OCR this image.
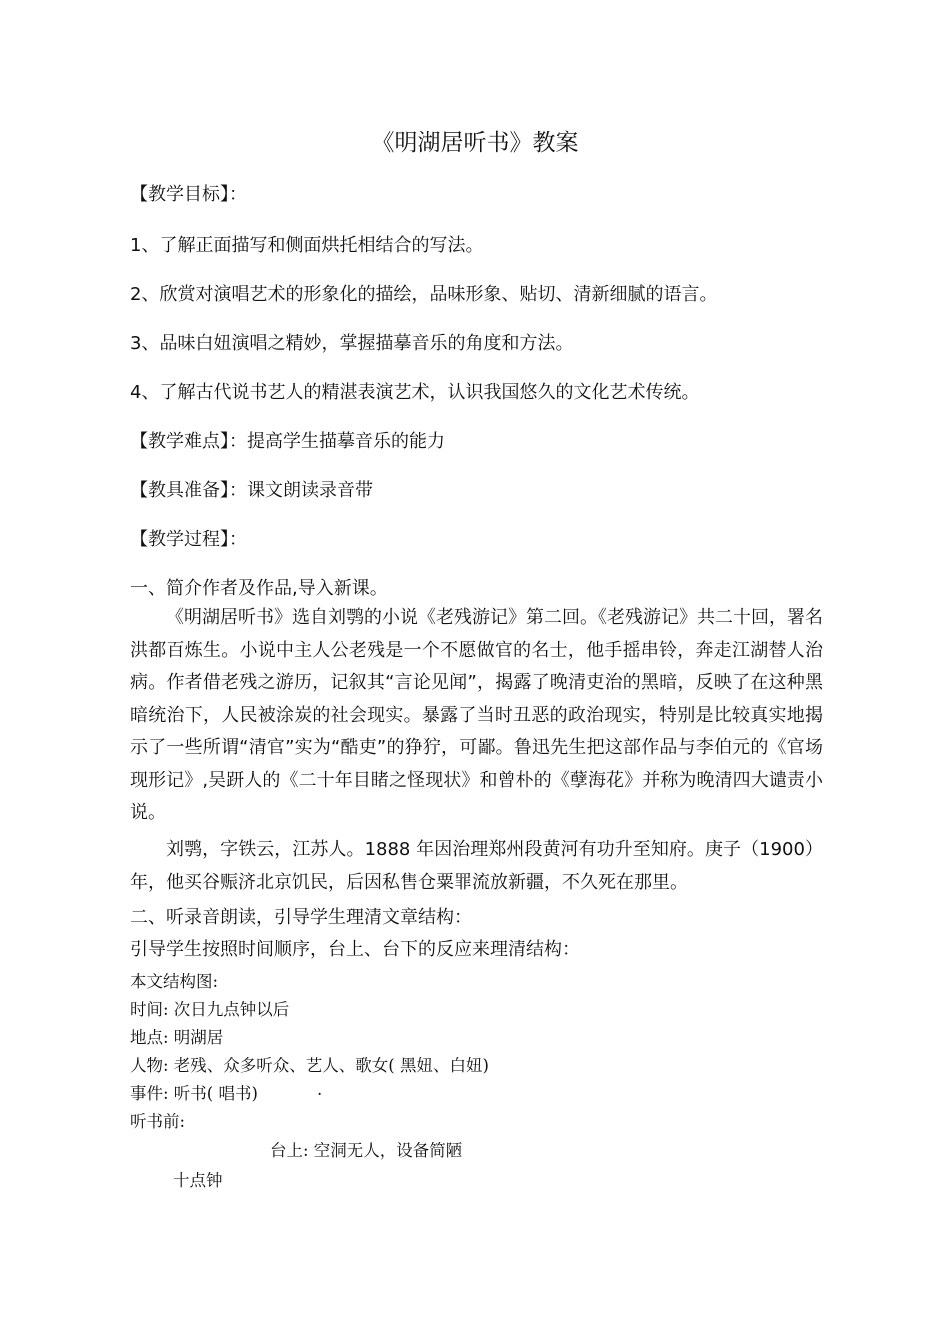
《明湖居听书》教案
【教学目标】：
1、了解正面描写和侧面烘托相结合的写法。
2、欣赏对演唱艺术的形象化的描绘，品味形象、贴切、清新细腻的语言。
3、品味白妞演唱之精妙，掌握描摹音乐的角度和方法。
4、了解古代说书艺人的精湛表演艺术，认识我国悠久的文化艺术传统。
【教学难点】：提高学生描摹音乐的能力
【教具准备】：课文朗读录音带
【教学过程】：
一、简介作者及作品,导入新课。
《明湖居听书》选自刘鹗的小说《老残游记》第二回。《老残游记》共二十回，署名洪都百炼生。小说中主人公老残是一个不愿做官的名士，他手摇串铃，奔走江湖替人治病。作者借老残之游历，记叙其“言论见闻”，揭露了晚清吏治的黑暗，反映了在这种黑暗统治下，人民被涂炭的社会现实。暴露了当时丑恶的政治现实，特别是比较真实地揭示了一些所谓“清官”实为“酷吏”的狰狞，可鄙。鲁迅先生把这部作品与李伯元的《官场现形记》,吴趼人的《二十年目睹之怪现状》和曾朴的《孽海花》并称为晚清四大谴责小说。
刘鹗，字铁云，江苏人。1888 年因治理郑州段黄河有功升至知府。庚子（1900）年，他买谷赈济北京饥民，后因私售仓粟罪流放新疆，不久死在那里。
二、听录音朗读，引导学生理清文章结构：
引导学生按照时间顺序，台上、台下的反应来理清结构：
本文结构图:
时间: 次日九点钟以后
地点: 明湖居
人物: 老残、众多听众、艺人、歌女( 黑妞、白妞)
事件: 听书( 唱书)	.
听书前:
台上: 空洞无人，设备简陋
十点钟
